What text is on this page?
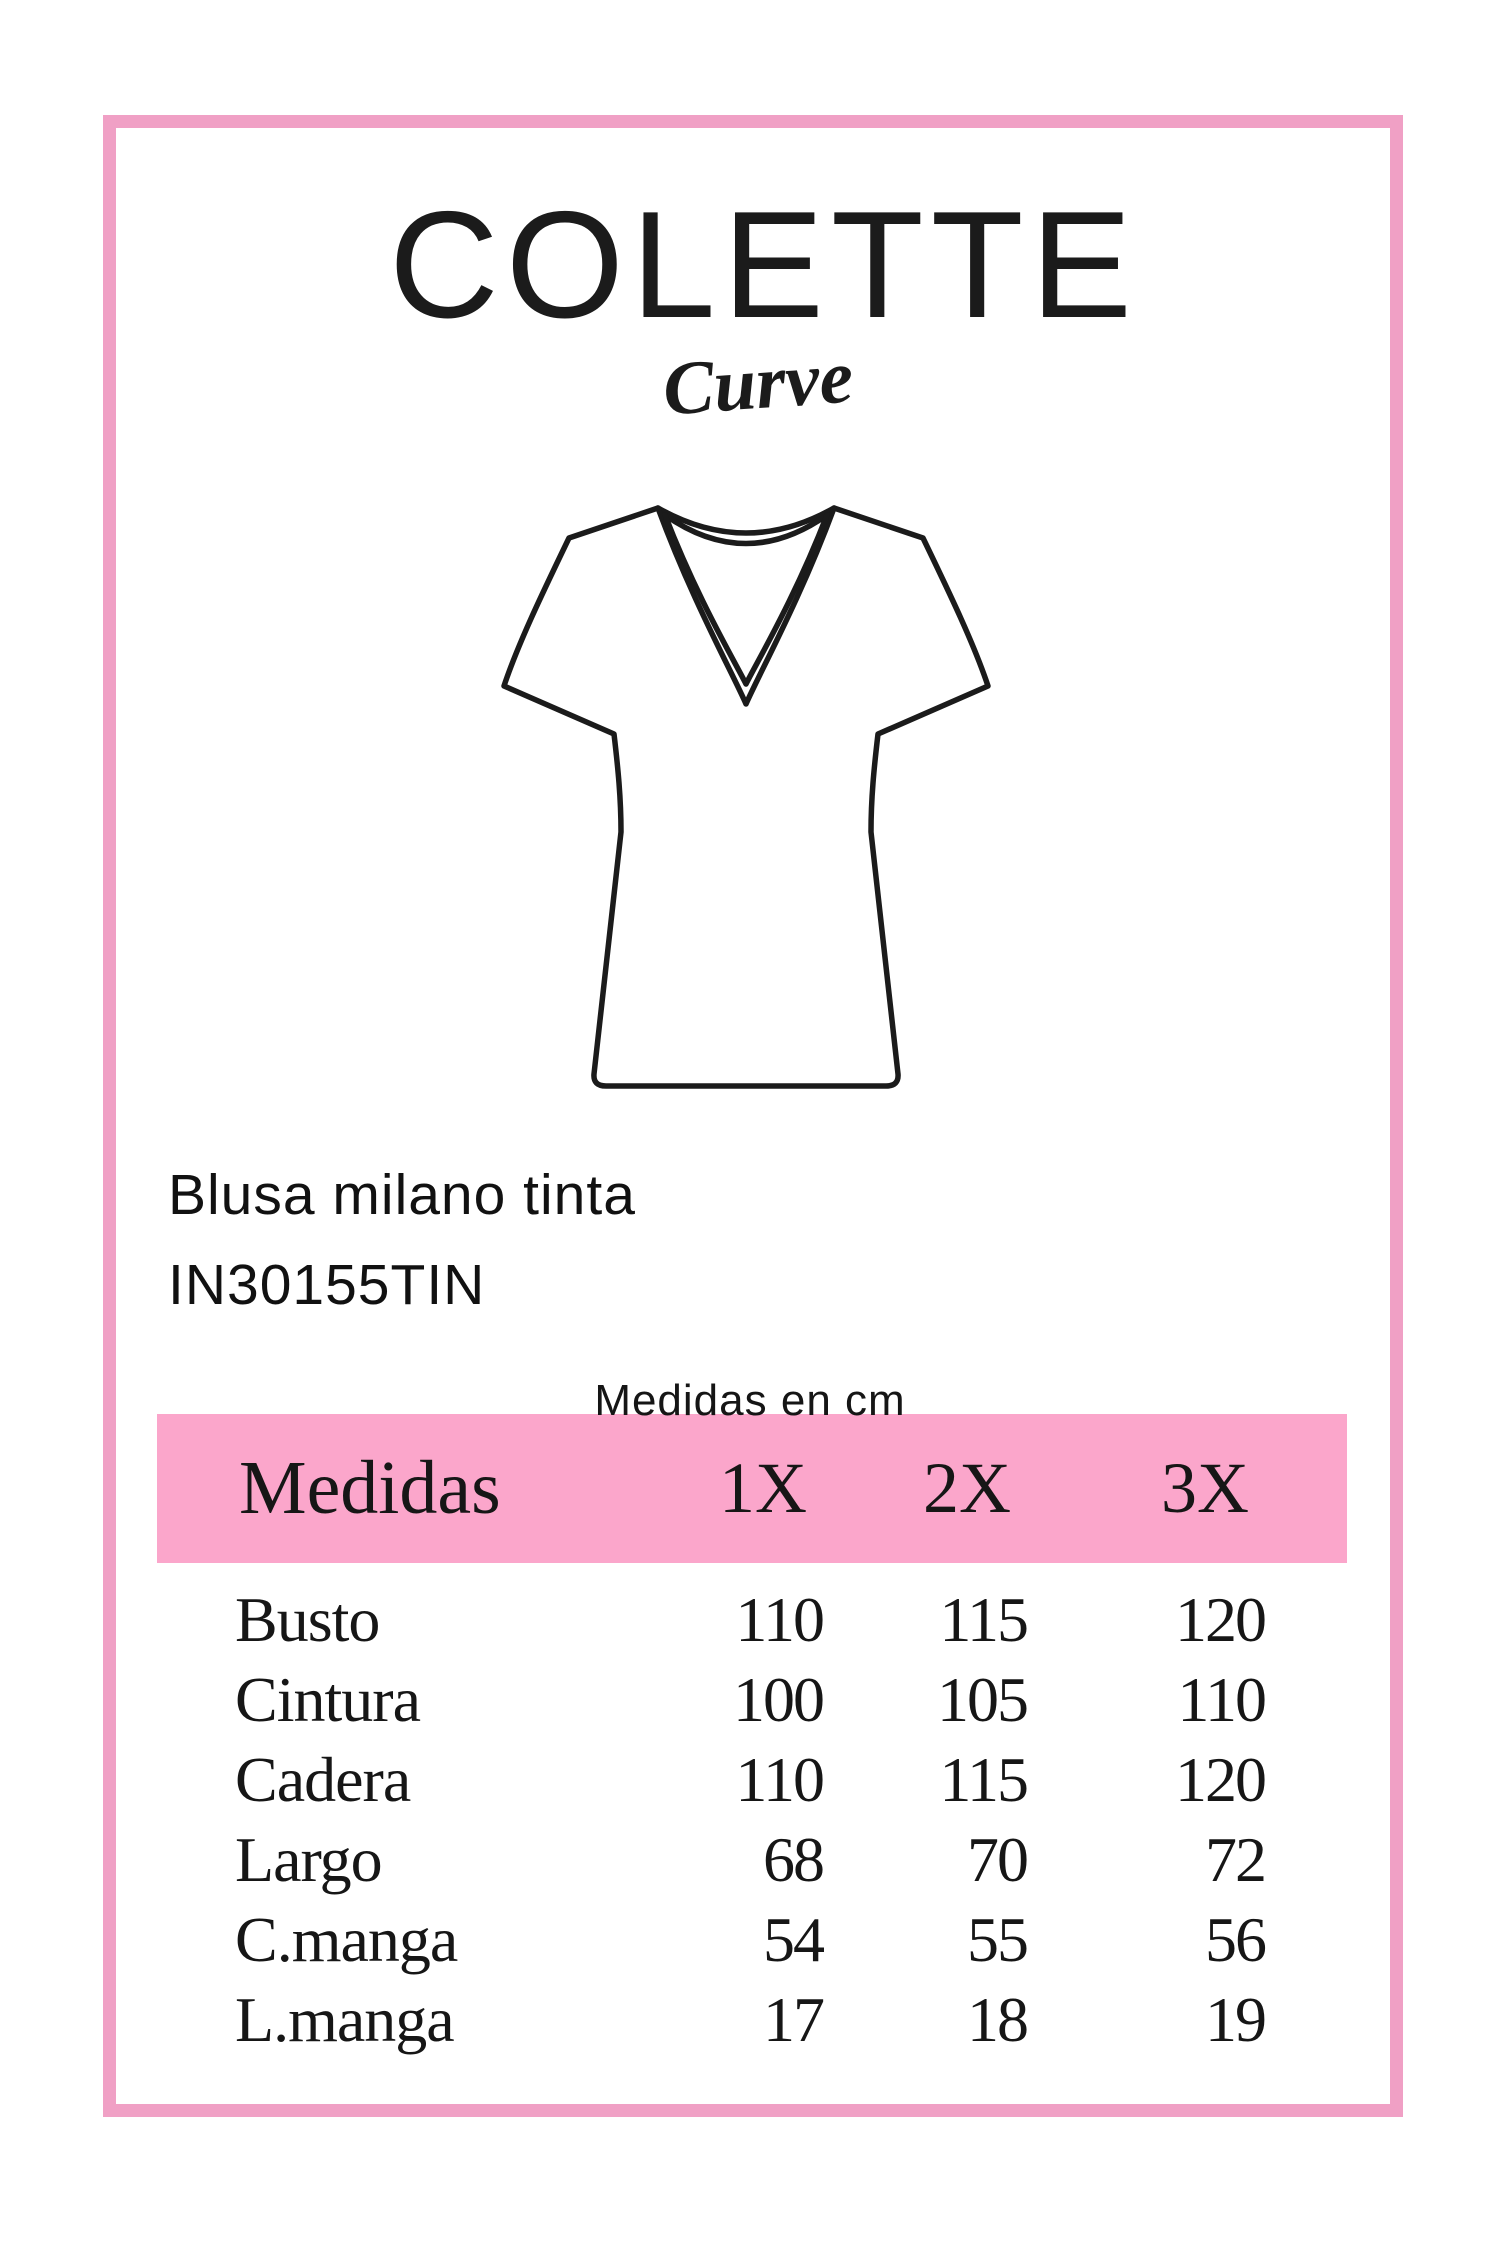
COLETTE
Curve
Blusa milano tinta
IN30155TIN
Medidas en cm
Medidas	1X	2X	3X
Busto	110	115	120
Cintura	100	105	110
Cadera	110	115	120
Largo	68	70	72
C.manga	54	55	56
L.manga	17	18	19
